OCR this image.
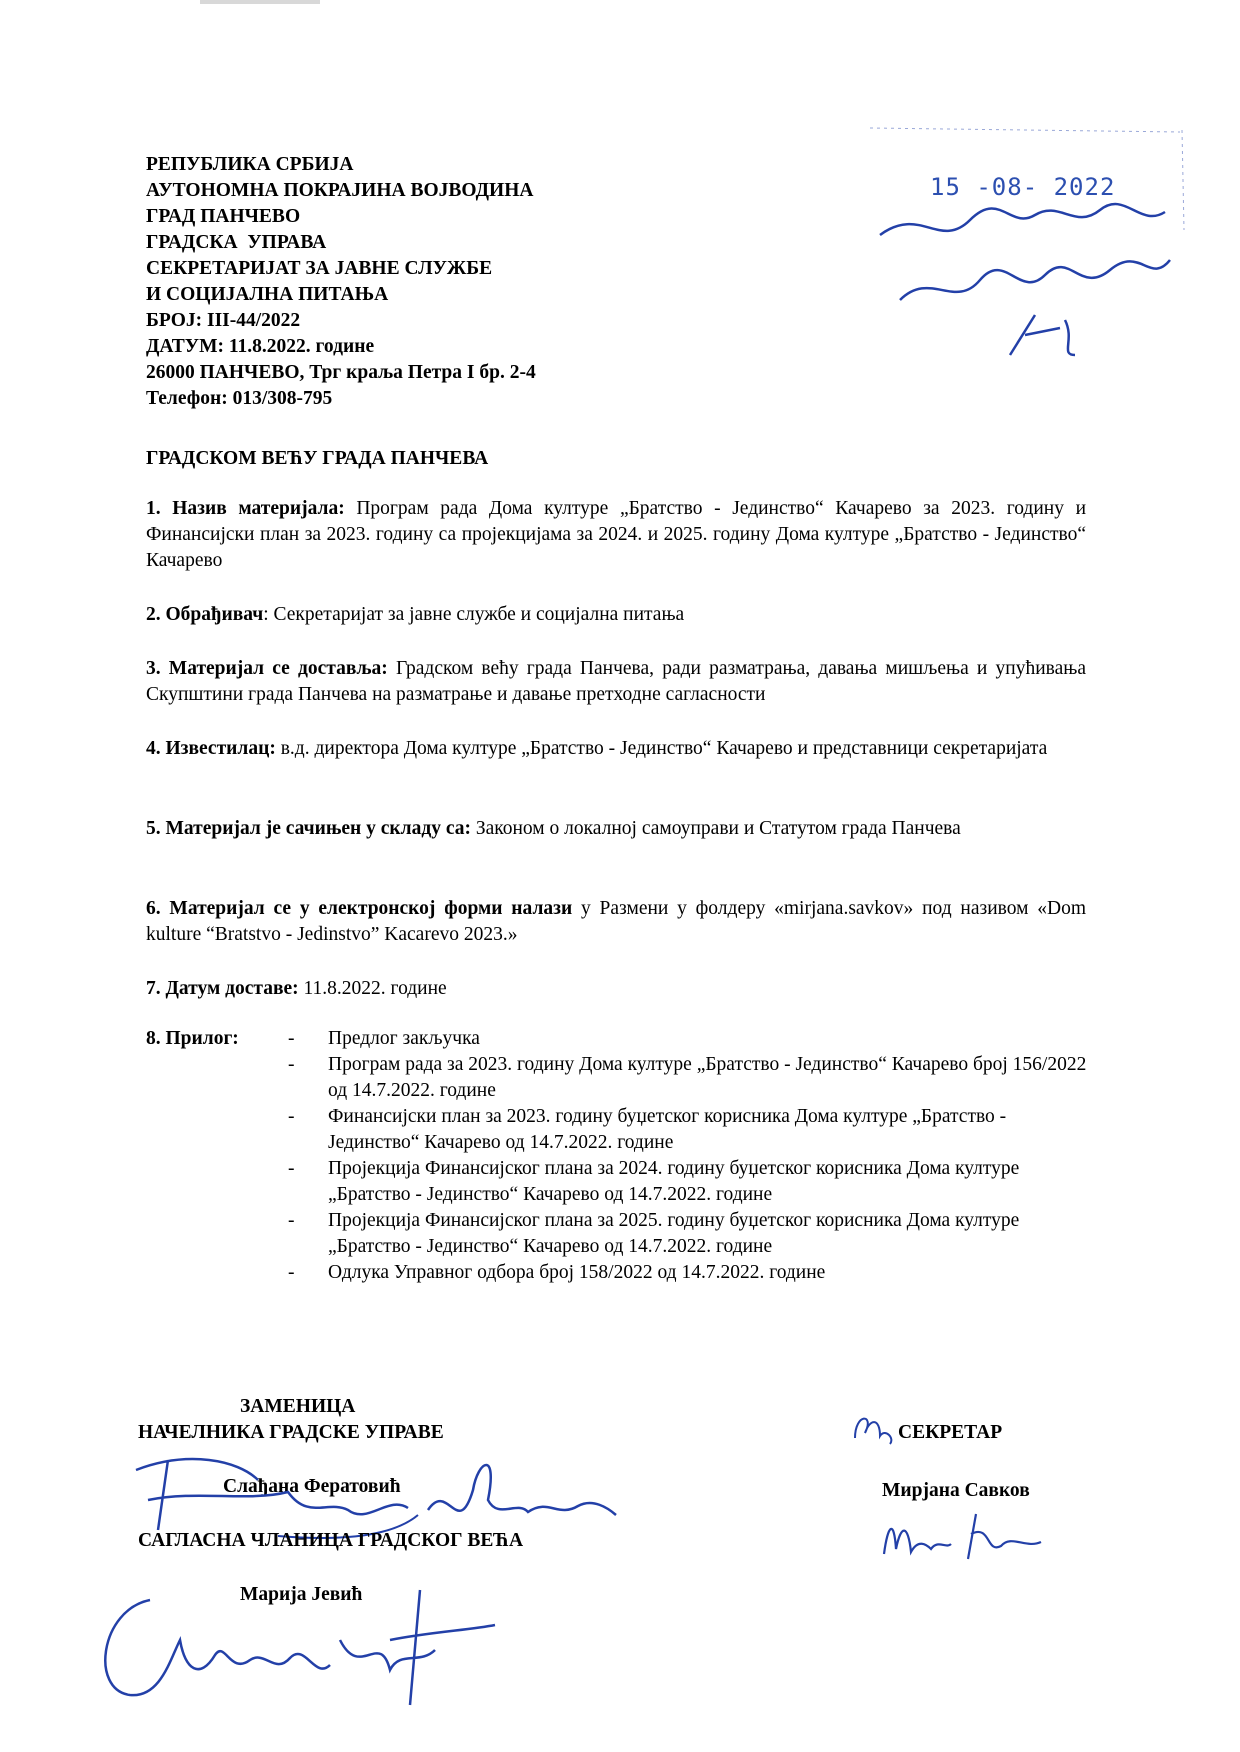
РЕПУБЛИКА СРБИЈА
АУТОНОМНА ПОКРАЈИНА ВОЈВОДИНА
ГРАД ПАНЧЕВО
ГРАДСКА  УПРАВА
СЕКРЕТАРИЈАТ ЗА ЈАВНЕ СЛУЖБЕ
И СОЦИЈАЛНА ПИТАЊА
БРОЈ: III-44/2022
ДАТУМ: 11.8.2022. године
26000 ПАНЧЕВО, Трг краља Петра I бр. 2-4
Телефон: 013/308-795
15 -08- 2022
ГРАДСКОМ ВЕЋУ ГРАДА ПАНЧЕВА
1. Назив материјала: Програм рада Дома културе „Братство - Јединство“ Качарево за 2023. годину и Финансијски план за 2023. годину са пројекцијама за 2024. и 2025. годину Дома културе „Братство - Јединство“ Качарево
2. Обрађивач: Секретаријат за јавне службе и социјална питања
3. Материјал се доставља: Градском већу града Панчева, ради разматрања, давања мишљења и упућивања Скупштини града Панчева на разматрање и давање претходне сагласности
4. Известилац: в.д. директора Дома културе „Братство - Јединство“ Качарево и представници секретаријата
5. Материјал је сачињен у складу са: Законом о локалној самоуправи и Статутом града Панчева
6. Материјал се у електронској форми налази у Размени у фолдеру «mirjana.savkov» под називом «Dom kulture “Bratstvo - Jedinstvo” Kacarevo 2023.»
7. Датум доставе: 11.8.2022. године
8. Прилог:	- Предлог закључка
- Програм рада за 2023. годину Дома културе „Братство - Јединство“ Качарево број 156/2022 од 14.7.2022. године
- Финансијски план за 2023. годину буџетског корисника Дома културе „Братство - Јединство“ Качарево од 14.7.2022. године
- Пројекција Финансијског плана за 2024. годину буџетског корисника Дома културе „Братство - Јединство“ Качарево од 14.7.2022. године
- Пројекција Финансијског плана за 2025. годину буџетског корисника Дома културе „Братство - Јединство“ Качарево од 14.7.2022. године
- Одлука Управног одбора број 158/2022 од 14.7.2022. године
ЗАМЕНИЦА
НАЧЕЛНИКА ГРАДСКЕ УПРАВЕ
Слађана Фератовић
САГЛАСНА ЧЛАНИЦА ГРАДСКОГ ВЕЋА
Марија Јевић
СЕКРЕТАР
Мирјана Савков
